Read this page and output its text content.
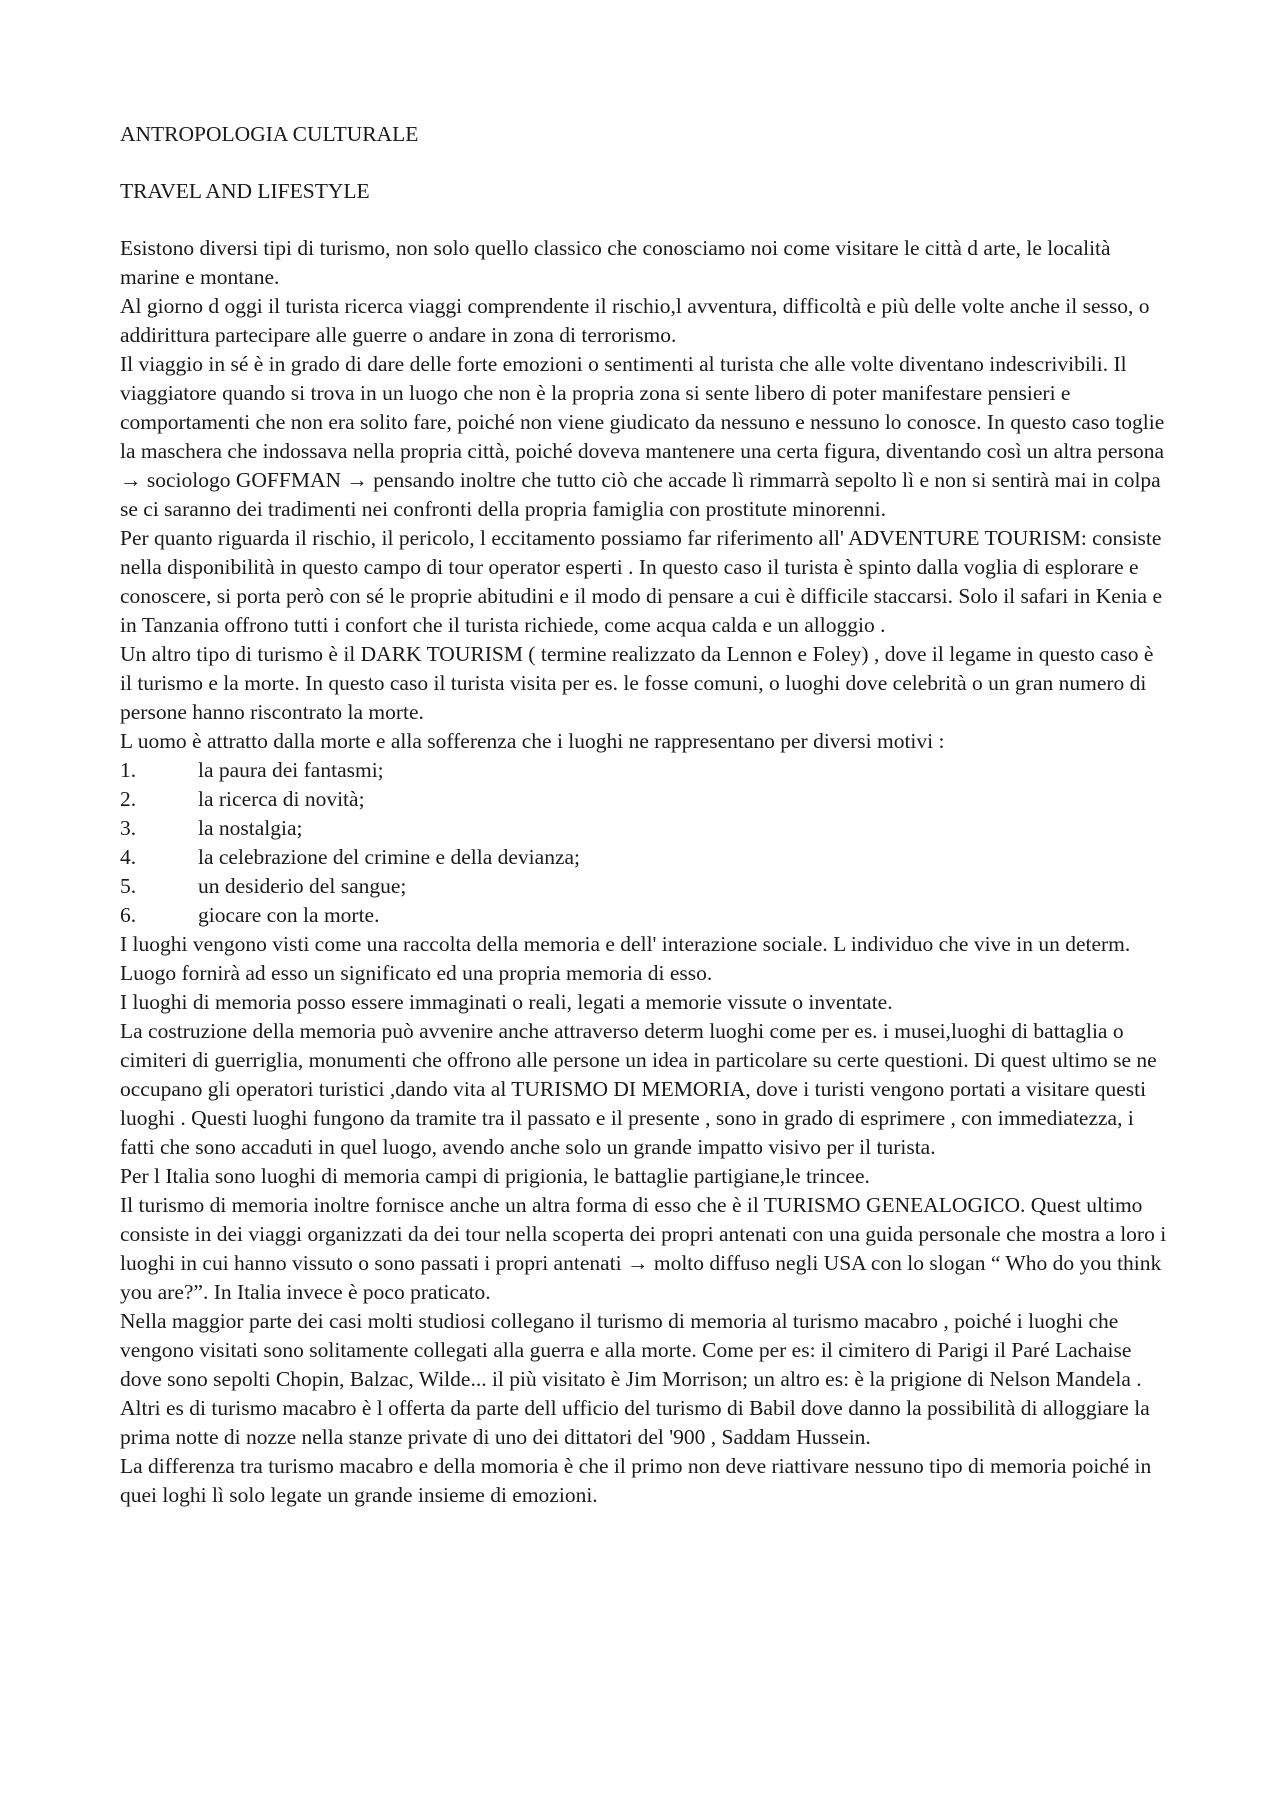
ANTROPOLOGIA CULTURALE

TRAVEL AND LIFESTYLE

Esistono diversi tipi di turismo, non solo quello classico che conosciamo noi come visitare le città d arte, le località marine e montane.

Al giorno d oggi il turista ricerca viaggi comprendente il rischio,l avventura, difficoltà e più delle volte anche il sesso, o addirittura partecipare alle guerre o andare in zona di terrorismo.

Il viaggio in sé è in grado di dare delle forte emozioni o sentimenti al turista che alle volte diventano indescrivibili. Il viaggiatore quando si trova in un luogo che non è la propria zona si sente libero di poter manifestare pensieri e comportamenti che non era solito fare, poiché non viene giudicato da nessuno e nessuno lo conosce. In questo caso toglie la maschera che indossava nella propria città, poiché doveva mantenere una certa figura, diventando così un altra persona → sociologo GOFFMAN → pensando inoltre che tutto ciò che accade lì rimmarrà sepolto lì e non si sentirà mai in colpa se ci saranno dei tradimenti nei confronti della propria famiglia con prostitute minorenni.

Per quanto riguarda il rischio, il pericolo, l eccitamento possiamo far riferimento all' ADVENTURE TOURISM: consiste nella disponibilità in questo campo di tour operator esperti . In questo caso il turista è spinto dalla voglia di esplorare e conoscere, si porta però con sé le proprie abitudini e il modo di pensare a cui è difficile staccarsi. Solo il safari in Kenia e in Tanzania offrono tutti i confort che il turista richiede, come acqua calda e un alloggio .

Un altro tipo di turismo è il DARK TOURISM ( termine realizzato da Lennon e Foley) , dove il legame in questo caso è il turismo e la morte. In questo caso il turista visita per es. le fosse comuni, o luoghi dove celebrità o un gran numero di persone hanno riscontrato la morte.

L uomo è attratto dalla morte e alla sofferenza che i luoghi ne rappresentano per diversi motivi :

1.	la paura dei fantasmi;
2.	la ricerca di novità;
3.	la nostalgia;
4.	la celebrazione del crimine e della devianza;
5.	un desiderio del sangue;
6.	giocare con la morte.

I luoghi vengono visti come una raccolta della memoria e dell' interazione sociale. L individuo che vive in un determ. Luogo fornirà ad esso un significato ed una propria memoria di esso.

I luoghi di memoria posso essere immaginati o reali, legati a memorie vissute o inventate.

La costruzione della memoria può avvenire anche attraverso determ luoghi come per es. i musei,luoghi di battaglia o cimiteri di guerriglia, monumenti che offrono alle persone un idea in particolare su certe questioni. Di quest ultimo se ne occupano gli operatori turistici ,dando vita al TURISMO DI MEMORIA, dove i turisti vengono portati a visitare questi luoghi . Questi luoghi fungono da tramite tra il passato e il presente , sono in grado di esprimere , con immediatezza, i fatti che sono accaduti in quel luogo, avendo anche solo un grande impatto visivo per il turista.

Per l Italia sono luoghi di memoria campi di prigionia, le battaglie partigiane,le trincee.

Il turismo di memoria inoltre fornisce anche un altra forma di esso che è il TURISMO GENEALOGICO. Quest ultimo consiste in dei viaggi organizzati da dei tour nella scoperta dei propri antenati con una guida personale che mostra a loro i luoghi in cui hanno vissuto o sono passati i propri antenati → molto diffuso negli USA con lo slogan “ Who do you think you are?”. In Italia invece è poco praticato.

Nella maggior parte dei casi molti studiosi collegano il turismo di memoria al turismo macabro , poiché i luoghi che vengono visitati sono solitamente collegati alla guerra e alla morte. Come per es: il cimitero di Parigi il Paré Lachaise dove sono sepolti Chopin, Balzac, Wilde... il più visitato è Jim Morrison; un altro es: è la prigione di Nelson Mandela . Altri es di turismo macabro è l offerta da parte dell ufficio del turismo di Babil dove danno la possibilità di alloggiare la prima notte di nozze nella stanze private di uno dei dittatori del '900 , Saddam Hussein.

La differenza tra turismo macabro e della momoria è che il primo non deve riattivare nessuno tipo di memoria poiché in quei loghi lì solo legate un grande insieme di emozioni.
